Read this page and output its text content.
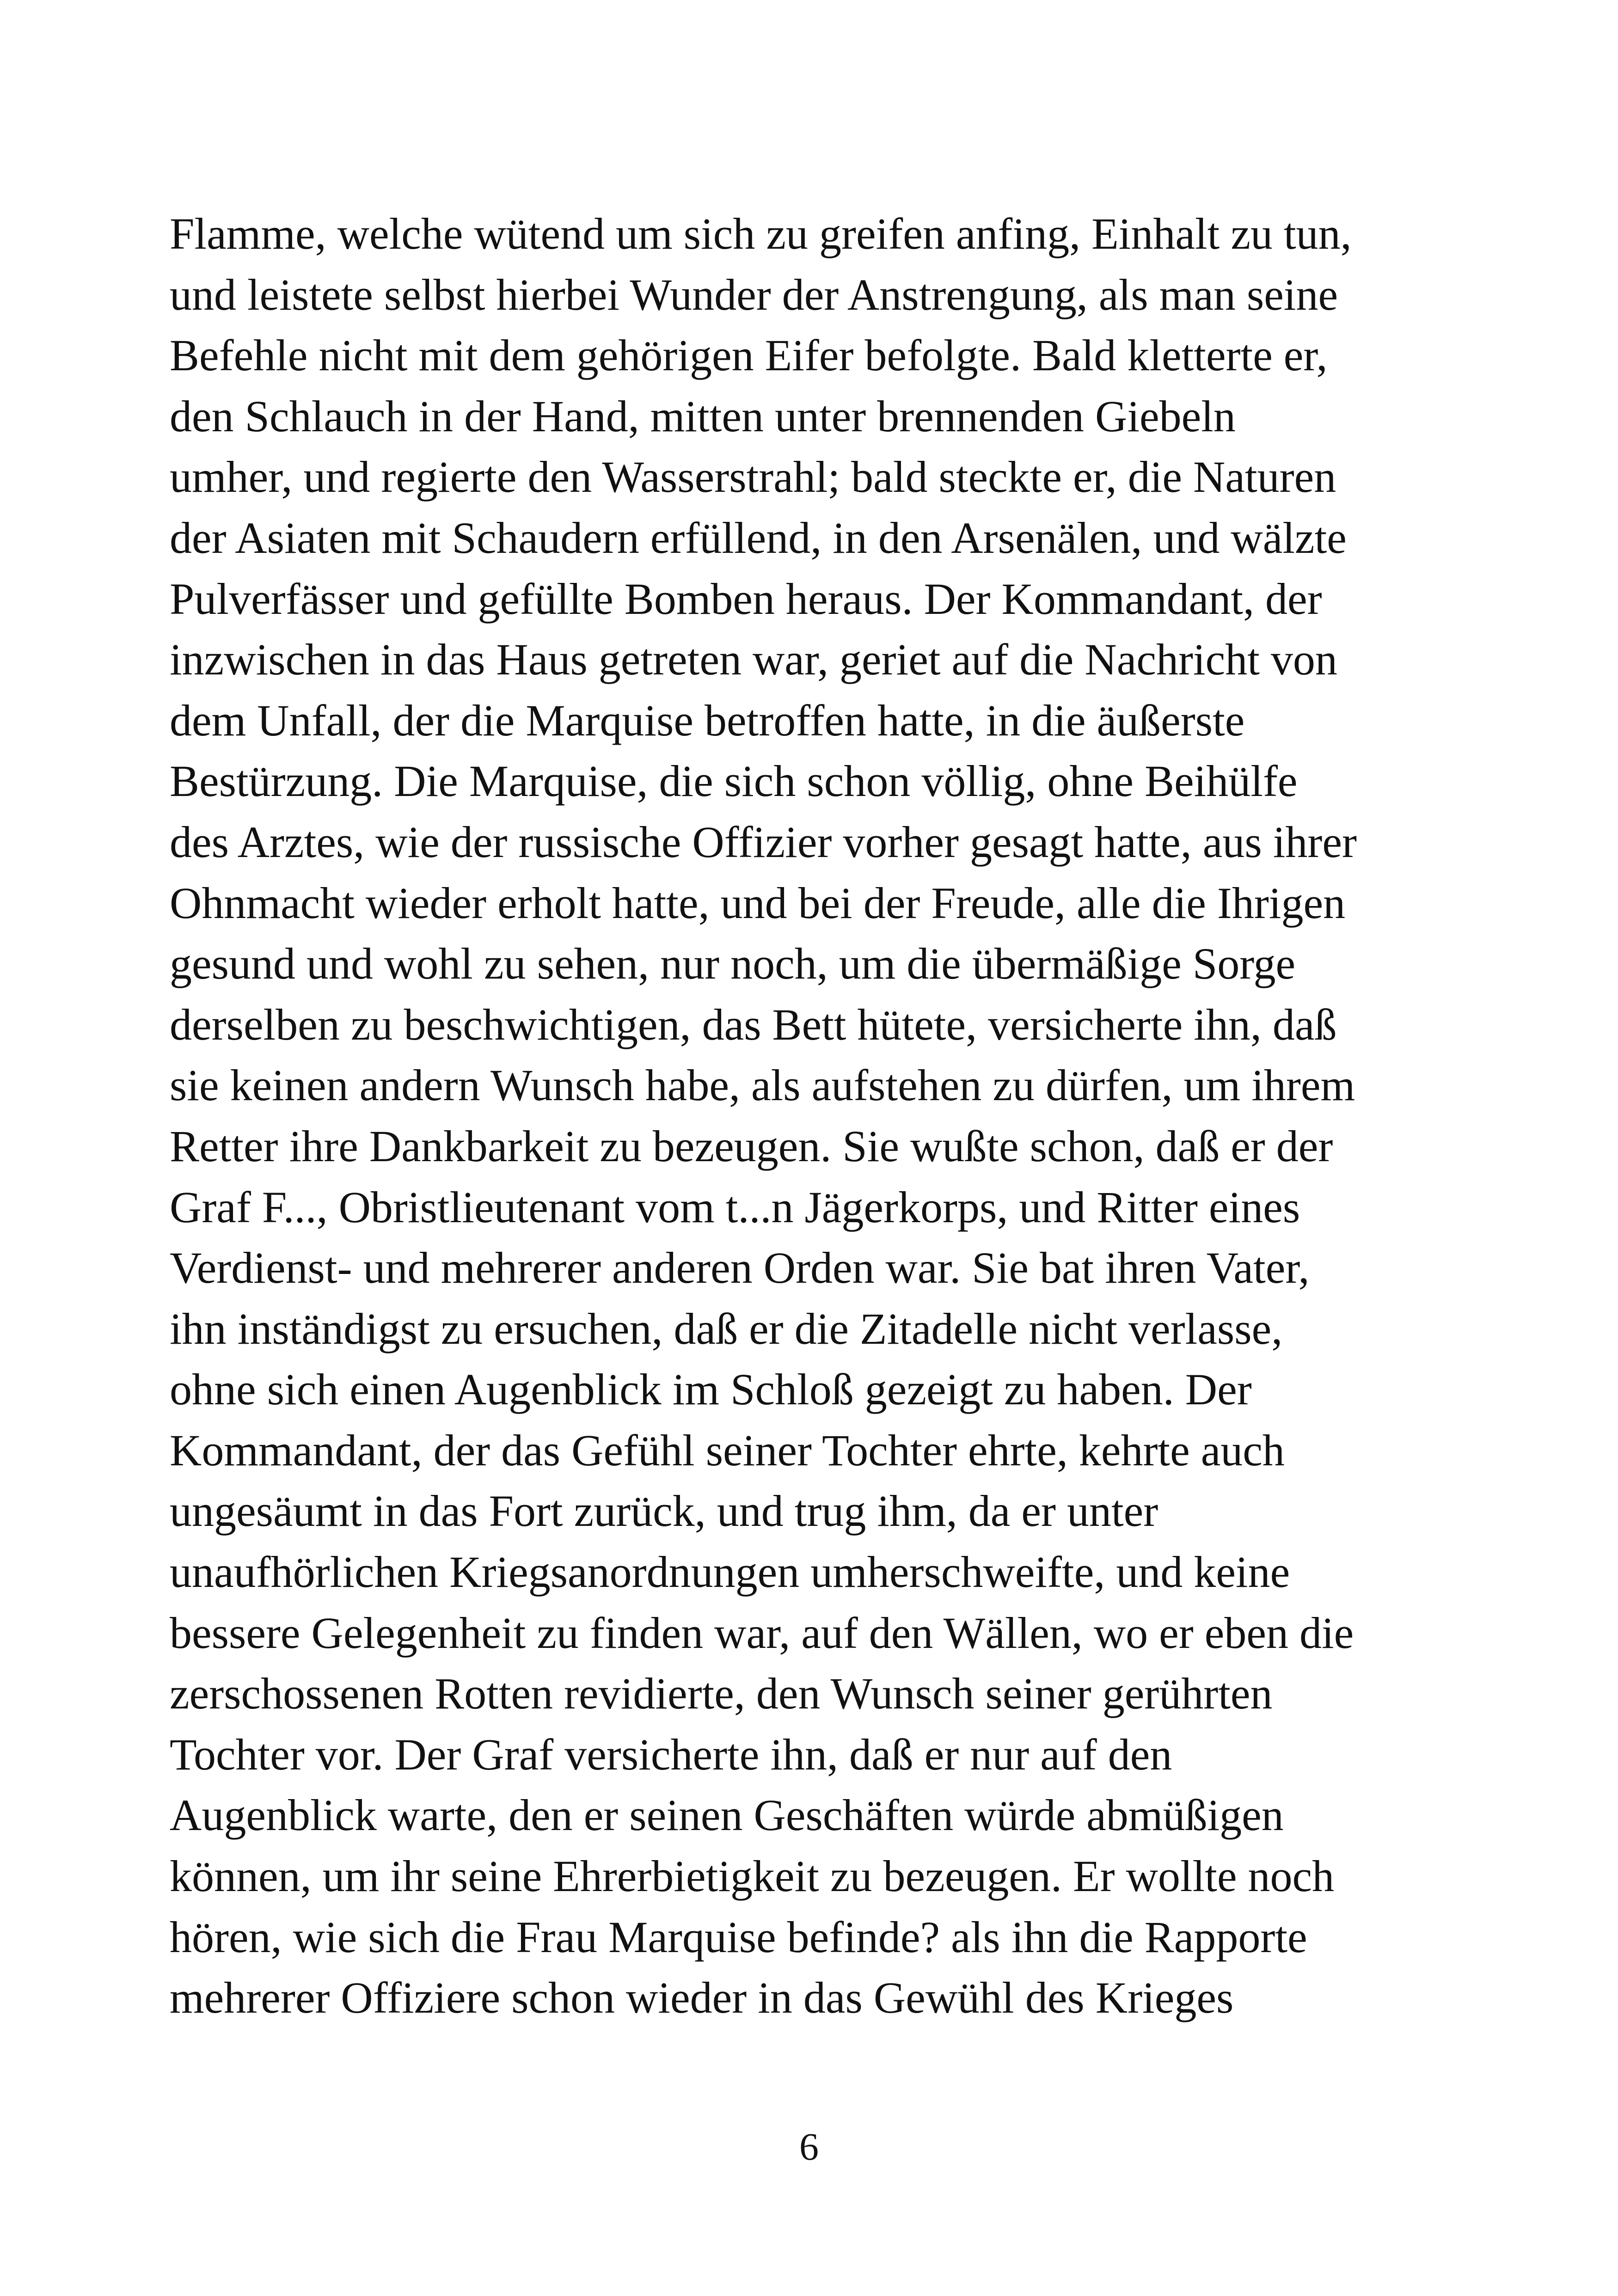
Flamme, welche wütend um sich zu greifen anfing, Einhalt zu tun,
und leistete selbst hierbei Wunder der Anstrengung, als man seine
Befehle nicht mit dem gehörigen Eifer befolgte. Bald kletterte er,
den Schlauch in der Hand, mitten unter brennenden Giebeln
umher, und regierte den Wasserstrahl; bald steckte er, die Naturen
der Asiaten mit Schaudern erfüllend, in den Arsenälen, und wälzte
Pulverfässer und gefüllte Bomben heraus. Der Kommandant, der
inzwischen in das Haus getreten war, geriet auf die Nachricht von
dem Unfall, der die Marquise betroffen hatte, in die äußerste
Bestürzung. Die Marquise, die sich schon völlig, ohne Beihülfe
des Arztes, wie der russische Offizier vorher gesagt hatte, aus ihrer
Ohnmacht wieder erholt hatte, und bei der Freude, alle die Ihrigen
gesund und wohl zu sehen, nur noch, um die übermäßige Sorge
derselben zu beschwichtigen, das Bett hütete, versicherte ihn, daß
sie keinen andern Wunsch habe, als aufstehen zu dürfen, um ihrem
Retter ihre Dankbarkeit zu bezeugen. Sie wußte schon, daß er der
Graf F..., Obristlieutenant vom t...n Jägerkorps, und Ritter eines
Verdienst- und mehrerer anderen Orden war. Sie bat ihren Vater,
ihn inständigst zu ersuchen, daß er die Zitadelle nicht verlasse,
ohne sich einen Augenblick im Schloß gezeigt zu haben. Der
Kommandant, der das Gefühl seiner Tochter ehrte, kehrte auch
ungesäumt in das Fort zurück, und trug ihm, da er unter
unaufhörlichen Kriegsanordnungen umherschweifte, und keine
bessere Gelegenheit zu finden war, auf den Wällen, wo er eben die
zerschossenen Rotten revidierte, den Wunsch seiner gerührten
Tochter vor. Der Graf versicherte ihn, daß er nur auf den
Augenblick warte, den er seinen Geschäften würde abmüßigen
können, um ihr seine Ehrerbietigkeit zu bezeugen. Er wollte noch
hören, wie sich die Frau Marquise befinde? als ihn die Rapporte
mehrerer Offiziere schon wieder in das Gewühl des Krieges
6
